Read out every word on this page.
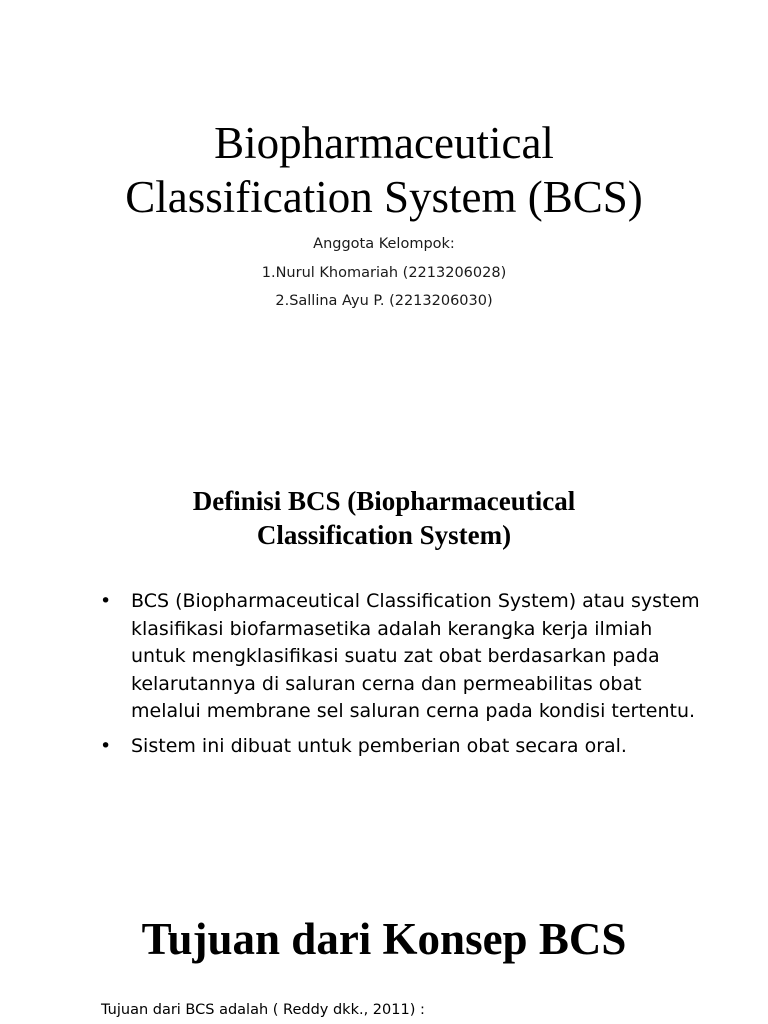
Biopharmaceutical
Classification System (BCS)
Anggota Kelompok:
1.Nurul Khomariah (2213206028)
2.Sallina Ayu P. (2213206030)
Definisi BCS (Biopharmaceutical
Classification System)
• BCS (Biopharmaceutical Classification System) atau system klasifikasi biofarmasetika adalah kerangka kerja ilmiah untuk mengklasifikasi suatu zat obat berdasarkan pada kelarutannya di saluran cerna dan permeabilitas obat melalui membrane sel saluran cerna pada kondisi tertentu.
• Sistem ini dibuat untuk pemberian obat secara oral.
Tujuan dari Konsep BCS
Tujuan dari BCS adalah ( Reddy dkk., 2011) :
